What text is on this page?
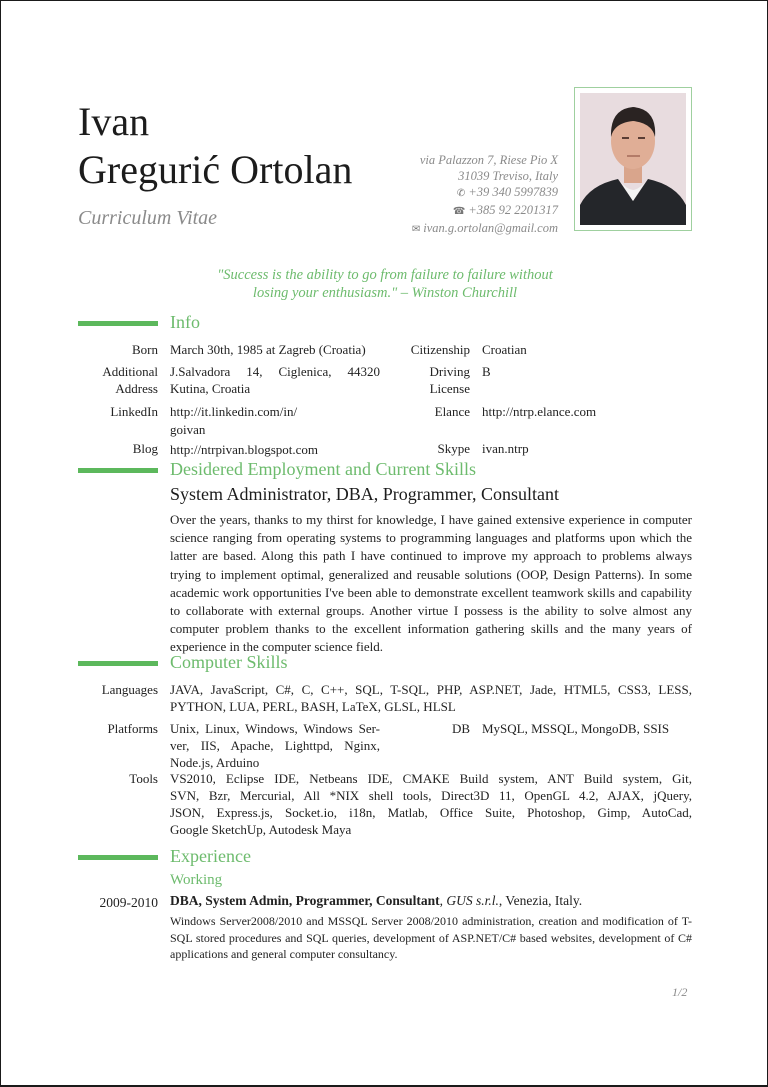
Ivan
Gregurić Ortolan
Curriculum Vitae
via Palazzon 7, Riese Pio X
31039 Treviso, Italy
✆ +39 340 5997839
☎ +385 92 2201317
✉ ivan.g.ortolan@gmail.com
"Success is the ability to go from failure to failure without
losing your enthusiasm." – Winston Churchill
Info
Born March 30th, 1985 at Zagreb (Croatia)	Citizenship Croatian
Additional
Address
J.Salvadora 14, Ciglenica, 44320
Kutina, Croatia
Driving
License
B
LinkedIn http://it.linkedin.com/in/
goivan
Elance http://ntrp.elance.com
Blog http://ntrpivan.blogspot.com	Skype ivan.ntrp
Desidered Employment and Current Skills
System Administrator, DBA, Programmer, Consultant
Over the years, thanks to my thirst for knowledge, I have gained extensive experience in computer science ranging from operating systems to programming languages and platforms upon which the latter are based. Along this path I have continued to improve my approach to problems always trying to implement optimal, generalized and reusable solutions (OOP, Design Patterns). In some academic work opportunities I've been able to demonstrate excellent teamwork skills and capability to collaborate with external groups. Another virtue I possess is the ability to solve almost any computer problem thanks to the excellent information gathering skills and the many years of experience in the computer science field.
Computer Skills
Languages JAVA, JavaScript, C#, C, C++, SQL, T-SQL, PHP, ASP.NET, Jade, HTML5, CSS3, LESS,
PYTHON, LUA, PERL, BASH, LaTeX, GLSL, HLSL
Platforms Unix, Linux, Windows, Windows Ser-
ver, IIS, Apache, Lighttpd, Nginx,
Node.js, Arduino
DB MySQL, MSSQL, MongoDB, SSIS
Tools VS2010, Eclipse IDE, Netbeans IDE, CMAKE Build system, ANT Build system, Git,
SVN, Bzr, Mercurial, All *NIX shell tools, Direct3D 11, OpenGL 4.2, AJAX, jQuery,
JSON, Express.js, Socket.io, i18n, Matlab, Office Suite, Photoshop, Gimp, AutoCad,
Google SketchUp, Autodesk Maya
Experience
Working
2009-2010 DBA, System Admin, Programmer, Consultant, GUS s.r.l., Venezia, Italy.
Windows Server2008/2010 and MSSQL Server 2008/2010 administration, creation and modification of T-SQL stored procedures and SQL queries, development of ASP.NET/C# based websites, development of C# applications and general computer consultancy.
1/2
